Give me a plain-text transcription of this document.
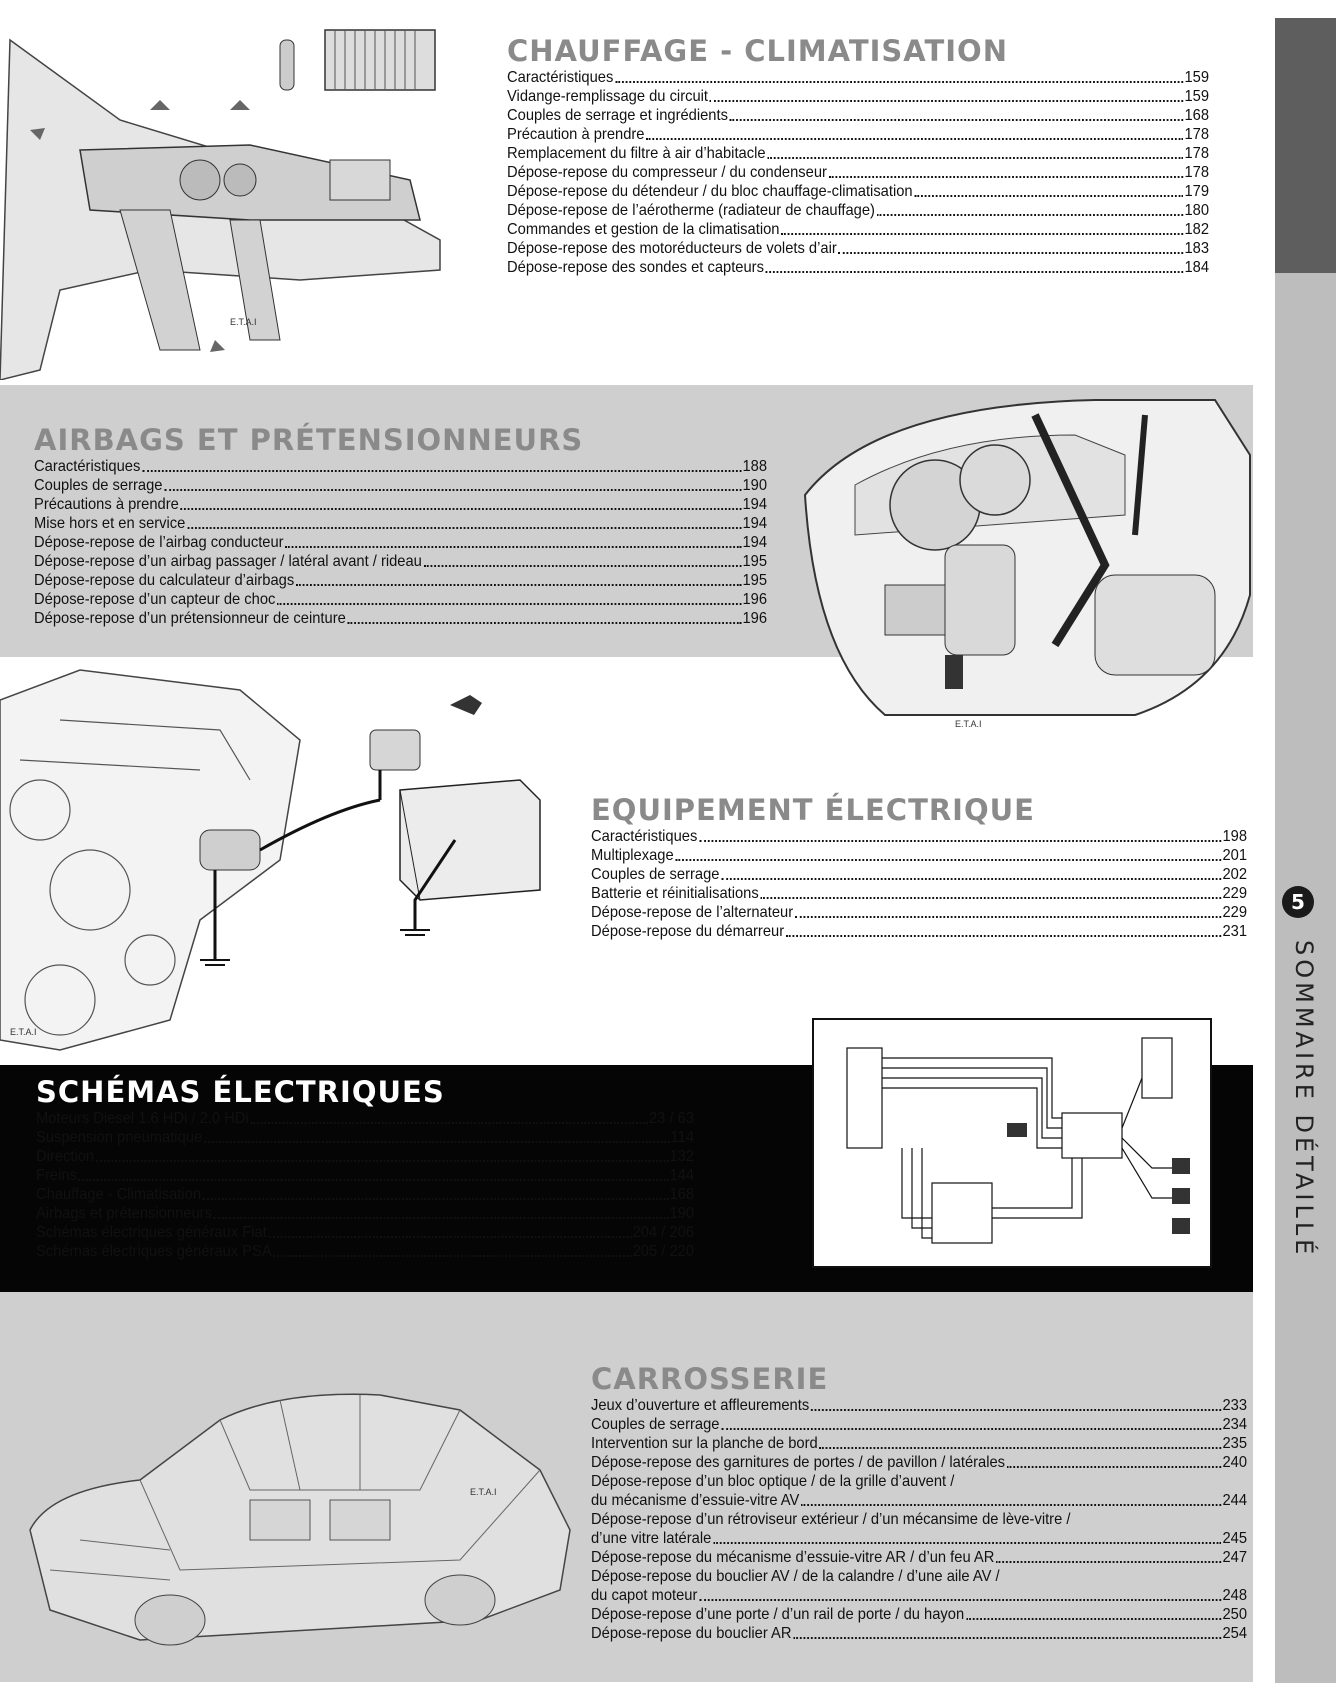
5
SOMMAIRE DÉTAILLÉ
E.T.A.I
CHAUFFAGE - CLIMATISATION
Caractéristiques	159
Vidange-remplissage du circuit	159
Couples de serrage et ingrédients	168
Précaution à prendre	178
Remplacement du filtre à air d’habitacle	178
Dépose-repose du compresseur / du condenseur	178
Dépose-repose du détendeur / du bloc chauffage-climatisation	179
Dépose-repose de l’aérotherme (radiateur de chauffage)	180
Commandes et gestion de la climatisation	182
Dépose-repose des motoréducteurs de volets d’air	183
Dépose-repose des sondes et capteurs	184
AIRBAGS ET PRÉTENSIONNEURS
Caractéristiques	188
Couples de serrage	190
Précautions à prendre	194
Mise hors et en service	194
Dépose-repose de l’airbag conducteur	194
Dépose-repose d’un airbag passager / latéral avant / rideau	195
Dépose-repose du calculateur d’airbags	195
Dépose-repose d’un capteur de choc	196
Dépose-repose d’un prétensionneur de ceinture	196
E.T.A.I
E.T.A.I
EQUIPEMENT ÉLECTRIQUE
Caractéristiques	198
Multiplexage	201
Couples de serrage	202
Batterie et réinitialisations	229
Dépose-repose de l’alternateur	229
Dépose-repose du démarreur	231
SCHÉMAS ÉLECTRIQUES
Moteurs Diesel 1.6 HDi / 2.0 HDi	23 / 63
Suspension pneumatique	114
Direction	132
Freins	144
Chauffage - Climatisation	168
Airbags et prétensionneurs	190
Schémas électriques généraux Fiat	204 / 206
Schémas électriques généraux PSA	205 / 220
E.T.A.I
CARROSSERIE
Jeux d’ouverture et affleurements	233
Couples de serrage	234
Intervention sur la planche de bord	235
Dépose-repose des garnitures de portes / de pavillon / latérales	240
Dépose-repose d’un bloc optique / de la grille d’auvent /
du mécanisme d’essuie-vitre AV	244
Dépose-repose d’un rétroviseur extérieur / d’un mécansime de lève-vitre /
d’une vitre latérale	245
Dépose-repose du mécanisme d’essuie-vitre AR / d’un feu AR	247
Dépose-repose du bouclier AV / de la calandre / d’une aile AV /
du capot moteur	248
Dépose-repose d’une porte / d’un rail de porte / du hayon	250
Dépose-repose du bouclier AR	254
